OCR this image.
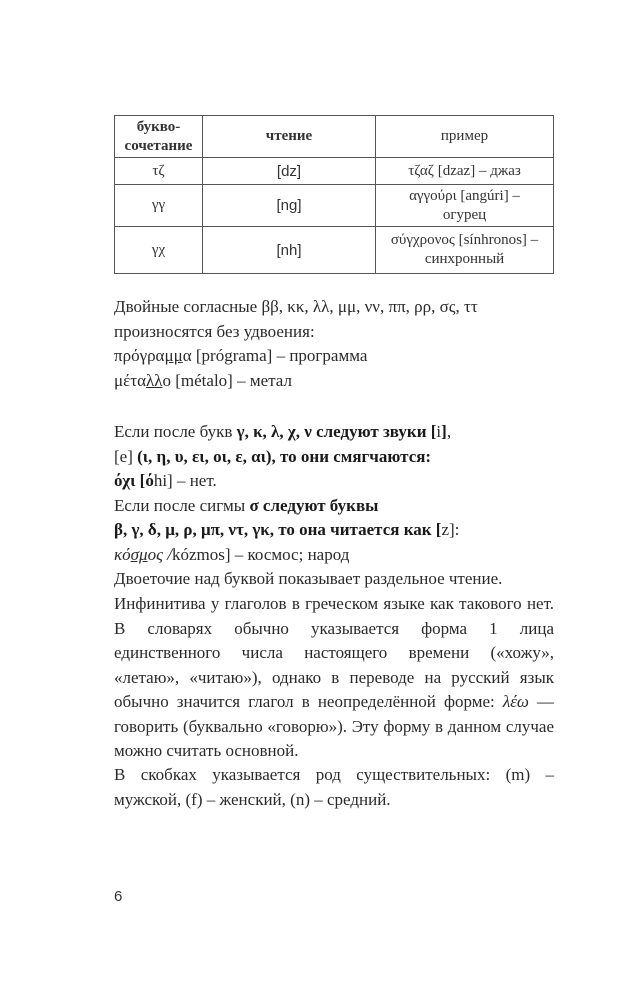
букво-
сочетание	чтение	пример
τζ	[dz]	τζαζ [dzaz] – джаз
γγ	[ng]	αγγούρι [angúri] –
огурец
γχ	[nh]	σύγχρονος [sínhronos] –
синхронный

Двойные согласные ββ, κκ, λλ, μμ, νν, ππ, ρρ, σς, ττ

произносятся без удвоения:

πρόγραμμα [prógrama] – программа

μέταλλο [métalo] – метал

Если после букв γ, κ, λ, χ, ν следуют звуки [i],

[e] (ι, η, υ, ει, οι, ε, αι), то они смягчаются:

όχι [όhi] – нет.

Если после сигмы σ следуют буквы

β, γ, δ, μ, ρ, μπ, ντ, γκ, то она читается как [z]:

κόσμος /kózmos] – космос; народ

Двоеточие над буквой показывает раздельное чтение.

Инфинитива у глаголов в греческом языке как такового нет. В словарях обычно указывается форма 1 лица единственного числа настоящего времени («хожу», «летаю», «читаю»), однако в переводе на русский язык обычно значится глагол в неопределённой форме: λέω — говорить (буквально «говорю»). Эту форму в данном случае можно считать основной.

В скобках указывается род существительных: (m) – мужской, (f) – женский, (n) – средний.

6
